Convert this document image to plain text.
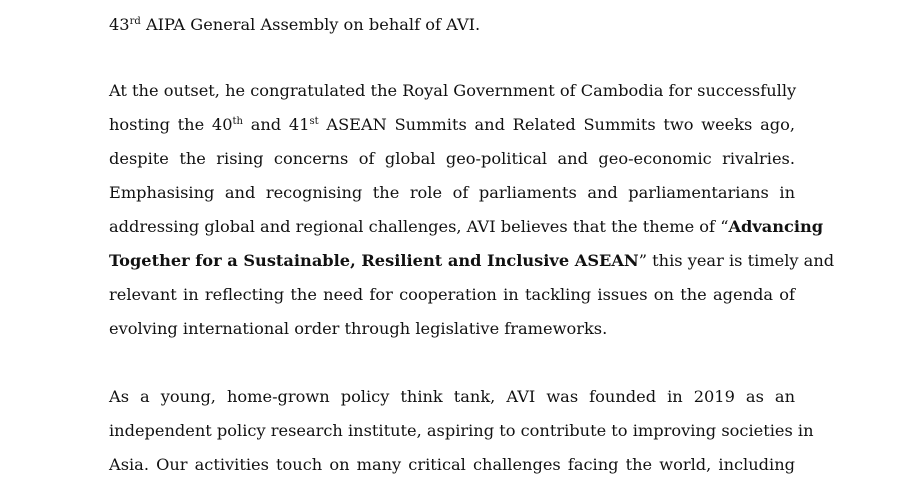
43rd AIPA General Assembly on behalf of AVI.
At the outset, he congratulated the Royal Government of Cambodia for successfully
hosting the 40th and 41st ASEAN Summits and Related Summits two weeks ago,
despite the rising concerns of global geo-political and geo-economic rivalries.
Emphasising and recognising the role of parliaments and parliamentarians in
addressing global and regional challenges, AVI believes that the theme of “Advancing
Together for a Sustainable, Resilient and Inclusive ASEAN” this year is timely and
relevant in reflecting the need for cooperation in tackling issues on the agenda of
evolving international order through legislative frameworks.
As a young, home-grown policy think tank, AVI was founded in 2019 as an
independent policy research institute, aspiring to contribute to improving societies in
Asia. Our activities touch on many critical challenges facing the world, including
